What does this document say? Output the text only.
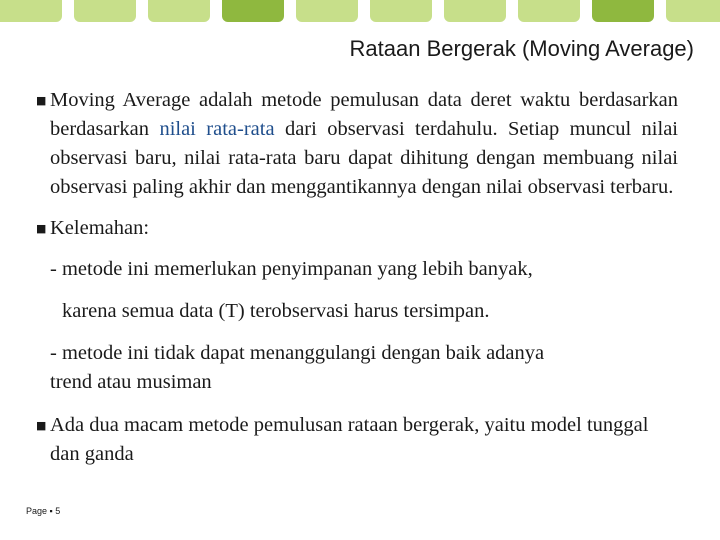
Rataan Bergerak (Moving Average)
■ Moving Average adalah metode pemulusan data deret waktu berdasarkan berdasarkan nilai rata-rata dari observasi terdahulu. Setiap muncul nilai observasi baru, nilai rata-rata baru dapat dihitung dengan membuang nilai observasi paling akhir dan menggantikannya dengan nilai observasi terbaru.
■ Kelemahan:
- metode ini memerlukan penyimpanan yang lebih banyak,
karena semua data (T) terobservasi harus tersimpan.
- metode ini tidak dapat menanggulangi dengan baik adanya
trend atau musiman
■ Ada dua macam metode pemulusan rataan bergerak, yaitu model tunggal dan ganda
Page ▪ 5
